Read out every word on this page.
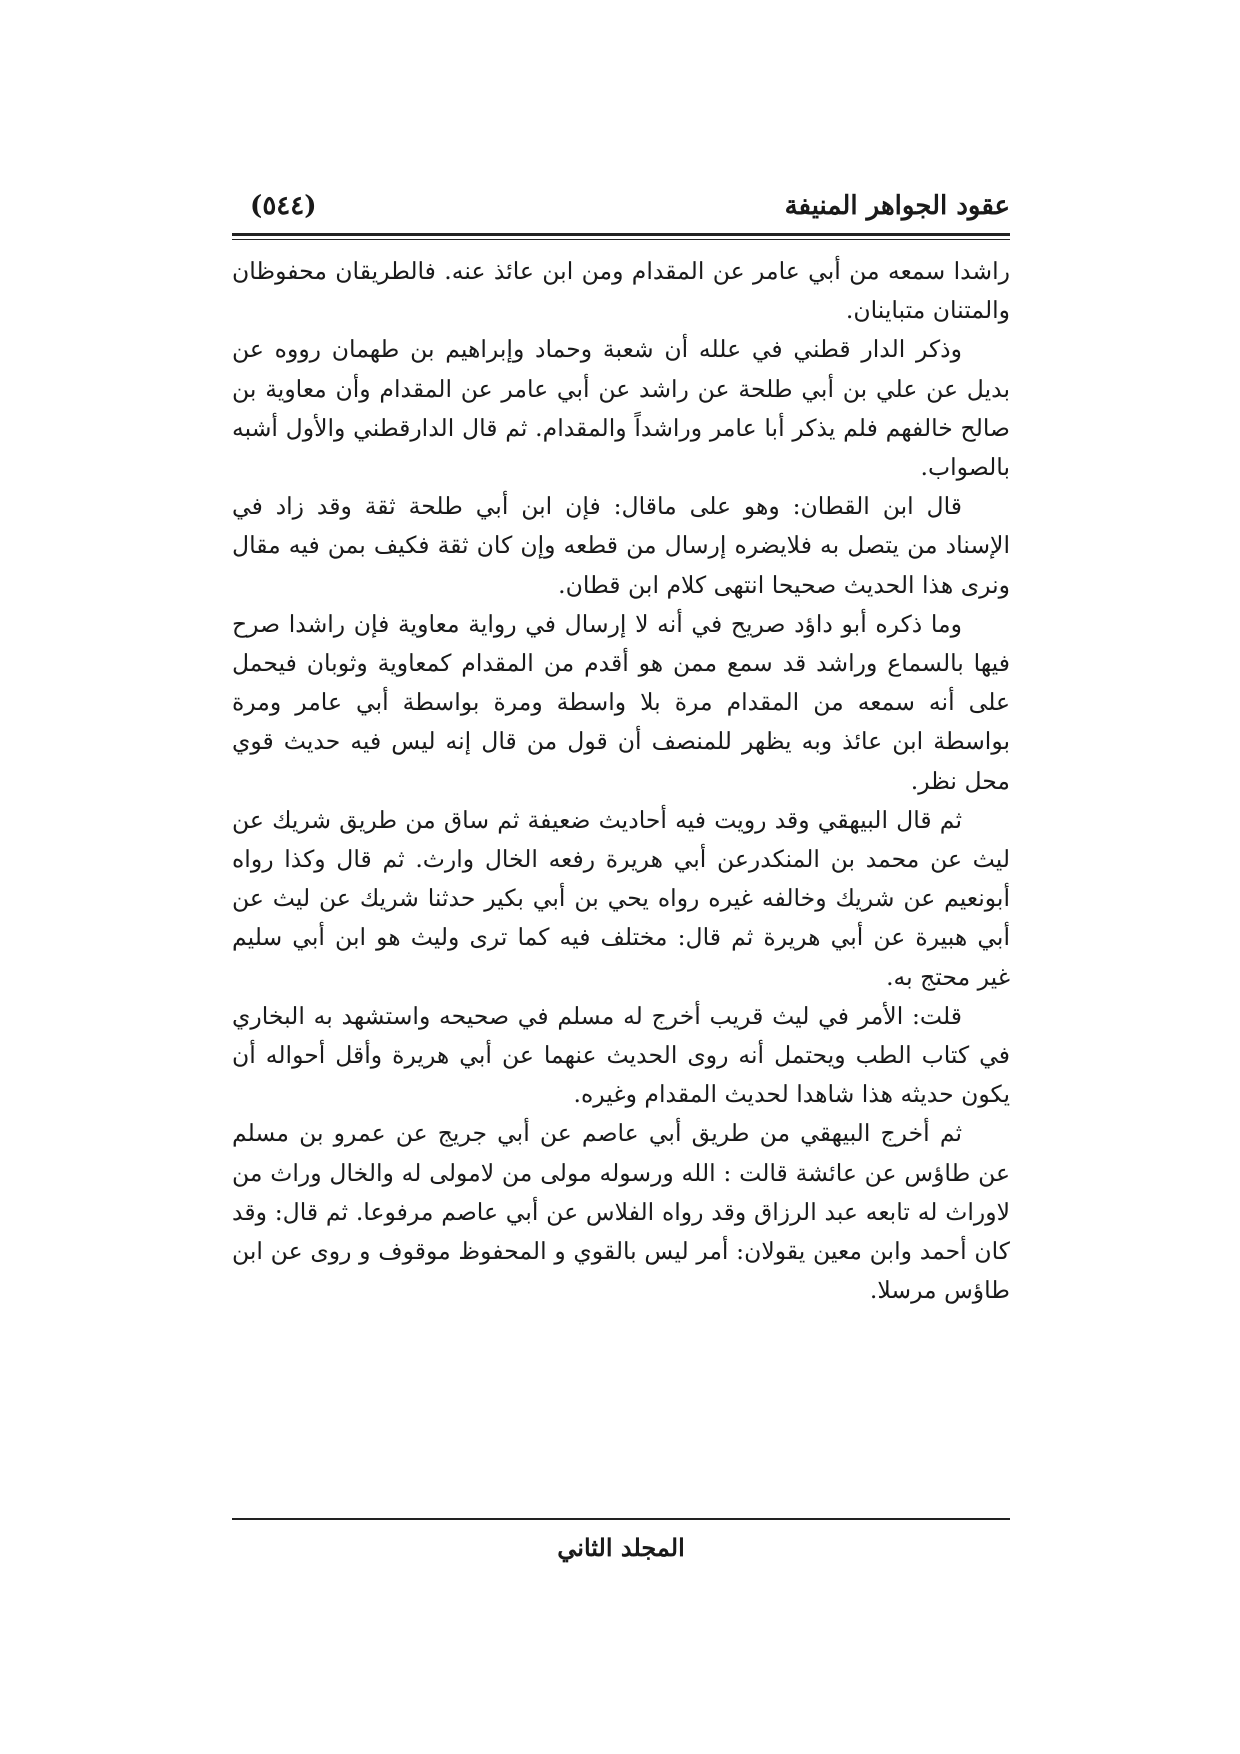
عقود الجواهر المنيفة
(٥٤٤)

راشدا سمعه من أبي عامر عن المقدام ومن ابن عائذ عنه. فالطريقان محفوظان والمتنان متباينان.

وذكر الدار قطني في علله أن شعبة وحماد وإبراهيم بن طهمان رووه عن بديل عن علي بن أبي طلحة عن راشد عن أبي عامر عن المقدام وأن معاوية بن صالح خالفهم فلم يذكر أبا عامر وراشداً والمقدام. ثم قال الدارقطني والأول أشبه بالصواب.

قال ابن القطان: وهو على ماقال: فإن ابن أبي طلحة ثقة وقد زاد في الإسناد من يتصل به فلايضره إرسال من قطعه وإن كان ثقة فكيف بمن فيه مقال ونرى هذا الحديث صحيحا انتهى كلام ابن قطان.

وما ذكره أبو داؤد صريح في أنه لا إرسال في رواية معاوية فإن راشدا صرح فيها بالسماع وراشد قد سمع ممن هو أقدم من المقدام كمعاوية وثوبان فيحمل على أنه سمعه من المقدام مرة بلا واسطة ومرة بواسطة أبي عامر ومرة بواسطة ابن عائذ وبه يظهر للمنصف أن قول من قال إنه ليس فيه حديث قوي محل نظر.

ثم قال البيهقي وقد رويت فيه أحاديث ضعيفة ثم ساق من طريق شريك عن ليث عن محمد بن المنكدرعن أبي هريرة رفعه الخال وارث. ثم قال وكذا رواه أبونعيم عن شريك وخالفه غيره رواه يحي بن أبي بكير حدثنا شريك عن ليث عن أبي هبيرة عن أبي هريرة ثم قال: مختلف فيه كما ترى وليث هو ابن أبي سليم غير محتج به.

قلت: الأمر في ليث قريب أخرج له مسلم في صحيحه واستشهد به البخاري في كتاب الطب ويحتمل أنه روى الحديث عنهما عن أبي هريرة وأقل أحواله أن يكون حديثه هذا شاهدا لحديث المقدام وغيره.

ثم أخرج البيهقي من طريق أبي عاصم عن أبي جريج عن عمرو بن مسلم عن طاؤس عن عائشة قالت : الله ورسوله مولى من لامولى له والخال وراث من لاوراث له تابعه عبد الرزاق وقد رواه الفلاس عن أبي عاصم مرفوعا. ثم قال: وقد كان أحمد وابن معين يقولان: أمر ليس بالقوي و المحفوظ موقوف و روى عن ابن طاؤس مرسلا.

المجلد الثاني
